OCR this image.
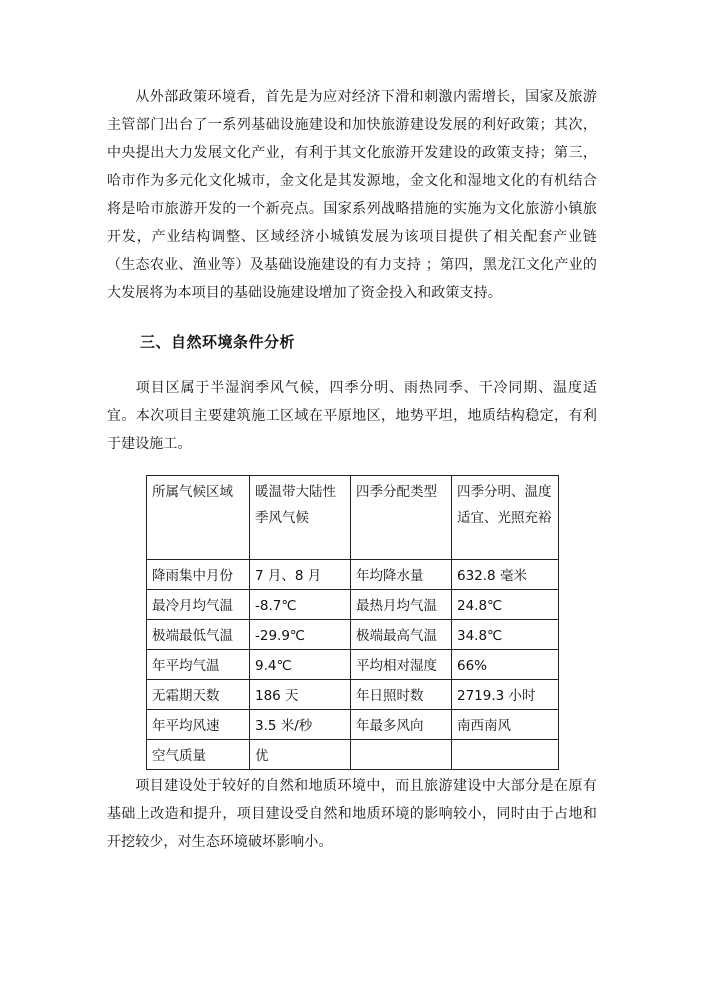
从外部政策环境看，首先是为应对经济下滑和刺激内需增长，国家及旅游主管部门出台了一系列基础设施建设和加快旅游建设发展的利好政策；其次，中央提出大力发展文化产业，有利于其文化旅游开发建设的政策支持；第三，哈市作为多元化文化城市，金文化是其发源地，金文化和湿地文化的有机结合将是哈市旅游开发的一个新亮点。国家系列战略措施的实施为文化旅游小镇旅开发，产业结构调整、区域经济小城镇发展为该项目提供了相关配套产业链（生态农业、渔业等）及基础设施建设的有力支持 ；第四，黑龙江文化产业的大发展将为本项目的基础设施建设增加了资金投入和政策支持。

三、自然环境条件分析

项目区属于半湿润季风气候，四季分明、雨热同季、干冷同期、温度适宜。本次项目主要建筑施工区域在平原地区，地势平坦，地质结构稳定，有利于建设施工。

所属气候区域	暖温带大陆性季风气候	四季分配类型	四季分明、温度适宜、光照充裕
降雨集中月份	7 月、8 月	年均降水量	632.8 毫米
最冷月均气温	-8.7℃	最热月均气温	24.8℃
极端最低气温	-29.9℃	极端最高气温	34.8℃
年平均气温	9.4℃	平均相对湿度	66%
无霜期天数	186 天	年日照时数	2719.3 小时
年平均风速	3.5 米/秒	年最多风向	南西南风
空气质量	优		

项目建设处于较好的自然和地质环境中，而且旅游建设中大部分是在原有基础上改造和提升，项目建设受自然和地质环境的影响较小，同时由于占地和开挖较少，对生态环境破坏影响小。
